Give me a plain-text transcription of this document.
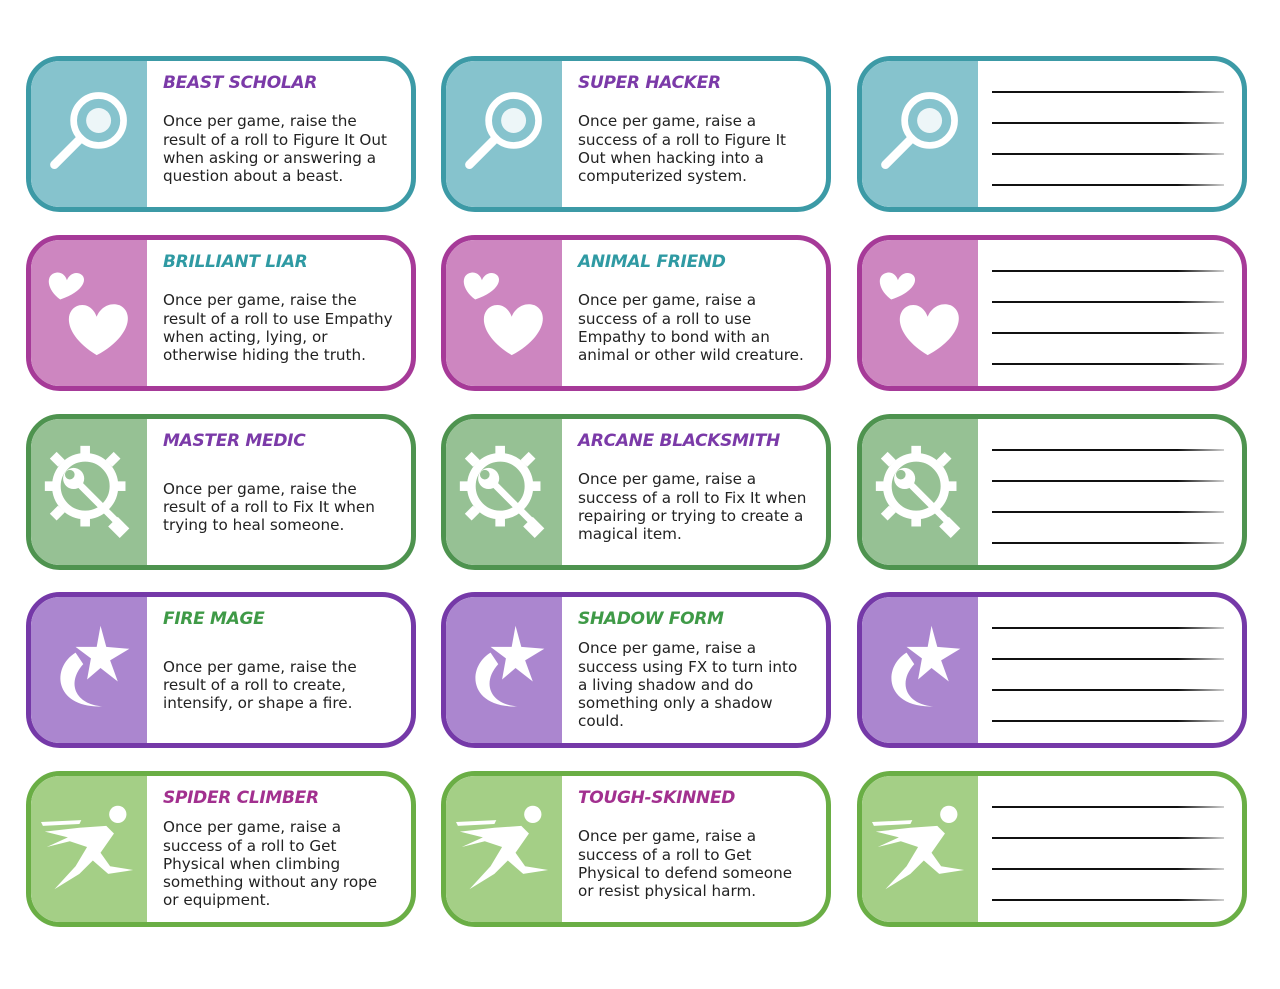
BEAST SCHOLAR

Once per game, raise the result of a roll to Figure It Out when asking or answering a question about a beast.

SUPER HACKER

Once per game, raise a success of a roll to Figure It Out when hacking into a computerized system.

BRILLIANT LIAR

Once per game, raise the result of a roll to use Empathy when acting, lying, or otherwise hiding the truth.

ANIMAL FRIEND

Once per game, raise a success of a roll to use Empathy to bond with an animal or other wild creature.

MASTER MEDIC

Once per game, raise the result of a roll to Fix It when trying to heal someone.

ARCANE BLACKSMITH

Once per game, raise a success of a roll to Fix It when repairing or trying to create a magical item.

FIRE MAGE

Once per game, raise the result of a roll to create, intensify, or shape a fire.

SHADOW FORM

Once per game, raise a success using FX to turn into a living shadow and do something only a shadow could.

SPIDER CLIMBER

Once per game, raise a success of a roll to Get Physical when climbing something without any rope or equipment.

TOUGH-SKINNED

Once per game, raise a success of a roll to Get Physical to defend someone or resist physical harm.
